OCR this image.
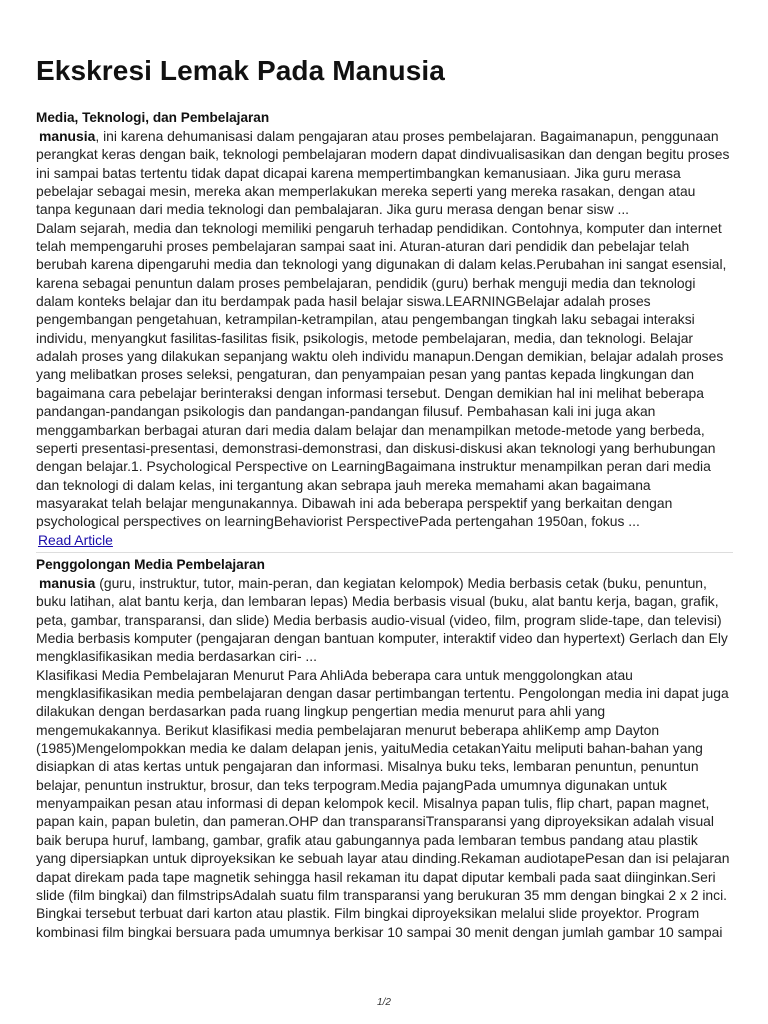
Ekskresi Lemak Pada Manusia
Media, Teknologi, dan Pembelajaran

manusia, ini karena dehumanisasi dalam pengajaran atau proses pembelajaran. Bagaimanapun, penggunaan

perangkat keras dengan baik, teknologi pembelajaran modern dapat dindivualisasikan dan dengan begitu proses

ini sampai batas tertentu tidak dapat dicapai karena mempertimbangkan kemanusiaan. Jika guru merasa

pebelajar sebagai mesin, mereka akan memperlakukan mereka seperti yang mereka rasakan, dengan atau

tanpa kegunaan dari media teknologi dan pembalajaran. Jika guru merasa dengan benar sisw ...

Dalam sejarah, media dan teknologi memiliki pengaruh terhadap pendidikan. Contohnya, komputer dan internet

telah mempengaruhi proses pembelajaran sampai saat ini. Aturan-aturan dari pendidik dan pebelajar telah

berubah karena dipengaruhi media dan teknologi yang digunakan di dalam kelas.Perubahan ini sangat esensial,

karena sebagai penuntun dalam proses pembelajaran, pendidik (guru) berhak menguji media dan teknologi

dalam konteks belajar dan itu berdampak pada hasil belajar siswa.LEARNINGBelajar adalah proses

pengembangan pengetahuan, ketrampilan-ketrampilan, atau pengembangan tingkah laku sebagai interaksi

individu, menyangkut fasilitas-fasilitas fisik, psikologis, metode pembelajaran, media, dan teknologi. Belajar

adalah proses yang dilakukan sepanjang waktu oleh individu manapun.Dengan demikian, belajar adalah proses

yang melibatkan proses seleksi, pengaturan, dan penyampaian pesan yang pantas kepada lingkungan dan

bagaimana cara pebelajar berinteraksi dengan informasi tersebut. Dengan demikian hal ini melihat beberapa

pandangan-pandangan psikologis dan pandangan-pandangan filusuf. Pembahasan kali ini juga akan

menggambarkan berbagai aturan dari media dalam belajar dan menampilkan metode-metode yang berbeda,

seperti presentasi-presentasi, demonstrasi-demonstrasi, dan diskusi-diskusi akan teknologi yang berhubungan

dengan belajar.1. Psychological Perspective on LearningBagaimana instruktur menampilkan peran dari media

dan teknologi di dalam kelas, ini tergantung akan sebrapa jauh mereka memahami akan bagaimana

masyarakat telah belajar mengunakannya. Dibawah ini ada beberapa perspektif yang berkaitan dengan

psychological perspectives on learningBehaviorist PerspectivePada pertengahan 1950an, fokus ...

Read Article
Penggolongan Media Pembelajaran

manusia (guru, instruktur, tutor, main-peran, dan kegiatan kelompok) Media berbasis cetak (buku, penuntun,

buku latihan, alat bantu kerja, dan lembaran lepas) Media berbasis visual (buku, alat bantu kerja, bagan, grafik,

peta, gambar, transparansi, dan slide) Media berbasis audio-visual (video, film, program slide-tape, dan televisi)

Media berbasis komputer (pengajaran dengan bantuan komputer, interaktif video dan hypertext) Gerlach dan Ely

mengklasifikasikan media berdasarkan ciri- ...

Klasifikasi Media Pembelajaran Menurut Para AhliAda beberapa cara untuk menggolongkan atau

mengklasifikasikan media pembelajaran dengan dasar pertimbangan tertentu. Pengolongan media ini dapat juga

dilakukan dengan berdasarkan pada ruang lingkup pengertian media menurut para ahli yang

mengemukakannya. Berikut klasifikasi media pembelajaran menurut beberapa ahliKemp amp Dayton

(1985)Mengelompokkan media ke dalam delapan jenis, yaituMedia cetakanYaitu meliputi bahan-bahan yang

disiapkan di atas kertas untuk pengajaran dan informasi. Misalnya buku teks, lembaran penuntun, penuntun

belajar, penuntun instruktur, brosur, dan teks terpogram.Media pajangPada umumnya digunakan untuk

menyampaikan pesan atau informasi di depan kelompok kecil. Misalnya papan tulis, flip chart, papan magnet,

papan kain, papan buletin, dan pameran.OHP dan transparansiTransparansi yang diproyeksikan adalah visual

baik berupa huruf, lambang, gambar, grafik atau gabungannya pada lembaran tembus pandang atau plastik

yang dipersiapkan untuk diproyeksikan ke sebuah layar atau dinding.Rekaman audiotapePesan dan isi pelajaran

dapat direkam pada tape magnetik sehingga hasil rekaman itu dapat diputar kembali pada saat diinginkan.Seri

slide (film bingkai) dan filmstripsAdalah suatu film transparansi yang berukuran 35 mm dengan bingkai 2 x 2 inci.

Bingkai tersebut terbuat dari karton atau plastik. Film bingkai diproyeksikan melalui slide proyektor. Program

kombinasi film bingkai bersuara pada umumnya berkisar 10 sampai 30 menit dengan jumlah gambar 10 sampai

1/2
